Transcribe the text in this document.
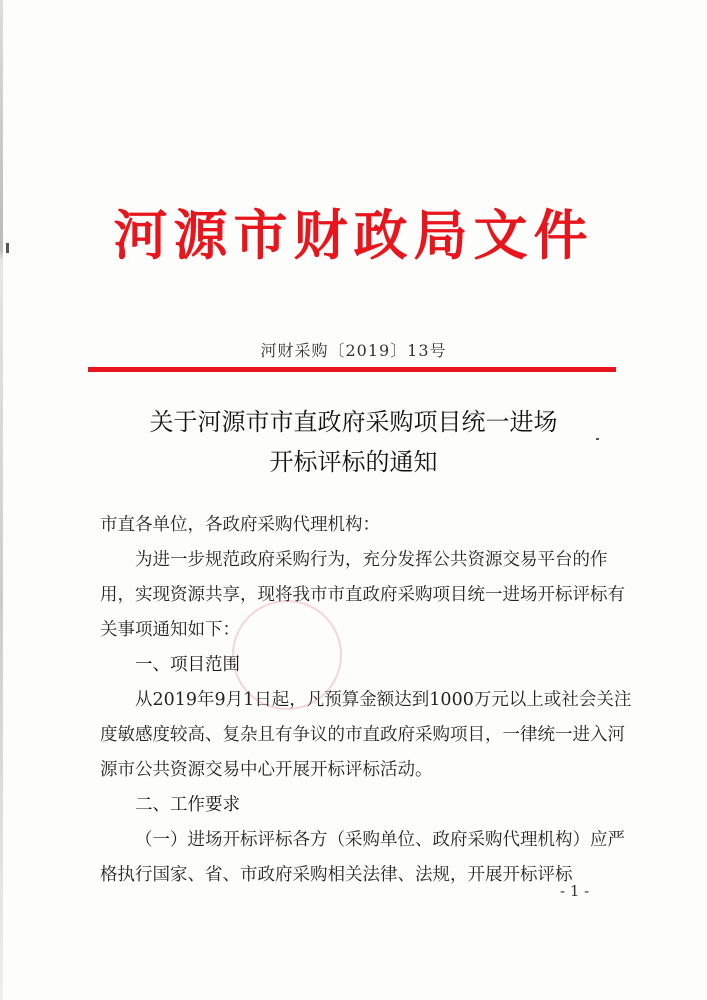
河源市财政局文件
河财采购〔2019〕13号
关于河源市市直政府采购项目统一进场
开标评标的通知

市直各单位，各政府采购代理机构：

为进一步规范政府采购行为，充分发挥公共资源交易平台的作用，实现资源共享，现将我市市直政府采购项目统一进场开标评标有关事项通知如下：

一、项目范围

从2019年9月1日起，凡预算金额达到1000万元以上或社会关注度敏感度较高、复杂且有争议的市直政府采购项目，一律统一进入河源市公共资源交易中心开展开标评标活动。

二、工作要求

（一）进场开标评标各方（采购单位、政府采购代理机构）应严格执行国家、省、市政府采购相关法律、法规，开展开标评标

- 1 -
